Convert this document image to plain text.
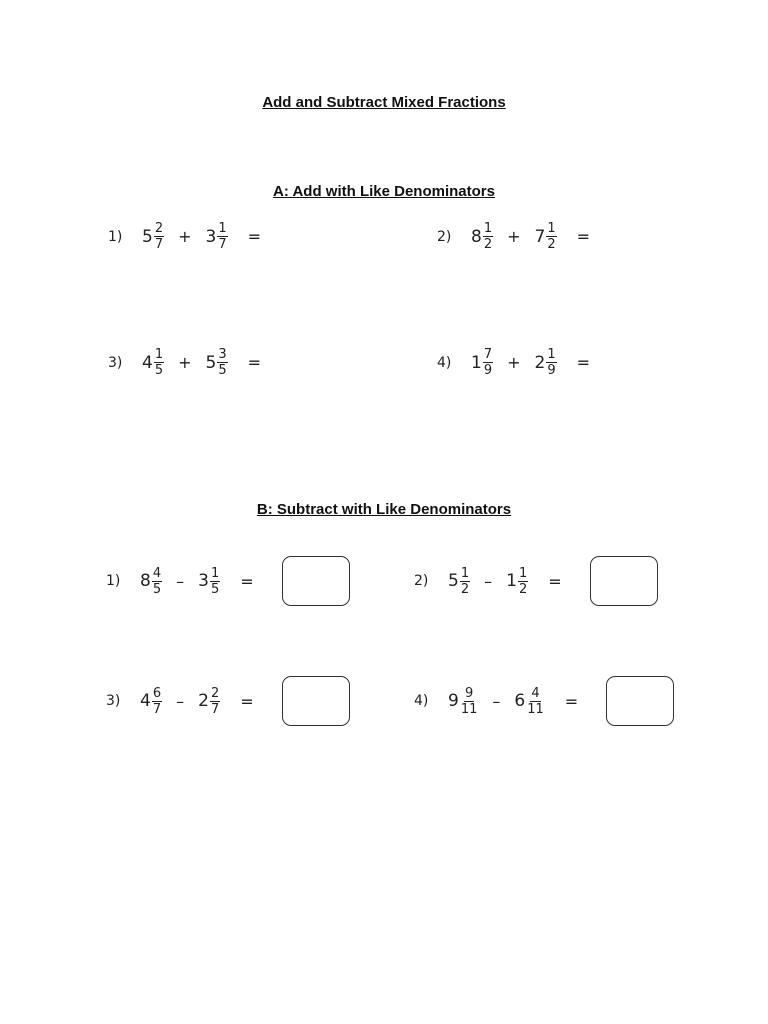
Add and Subtract Mixed Fractions
A: Add with Like Denominators
B: Subtract with Like Denominators
1)	$5 \frac{2}{7} + 3 \frac{1}{7}$ =	2)	$8 \frac{1}{2} + 7 \frac{1}{2}$ =
3)	$4 \frac{1}{5} + 5 \frac{3}{5}$ =	4)	$1 \frac{7}{9} + 2 \frac{1}{9}$ =
1)	$8 \frac{4}{5} - 3 \frac{1}{5}$ =	2)	$5 \frac{1}{2} - 1 \frac{1}{2}$ =
3)	$4 \frac{6}{7} - 2 \frac{2}{7}$ =	4)	$9 \frac{9}{11} - 6 \frac{4}{11}$ =
